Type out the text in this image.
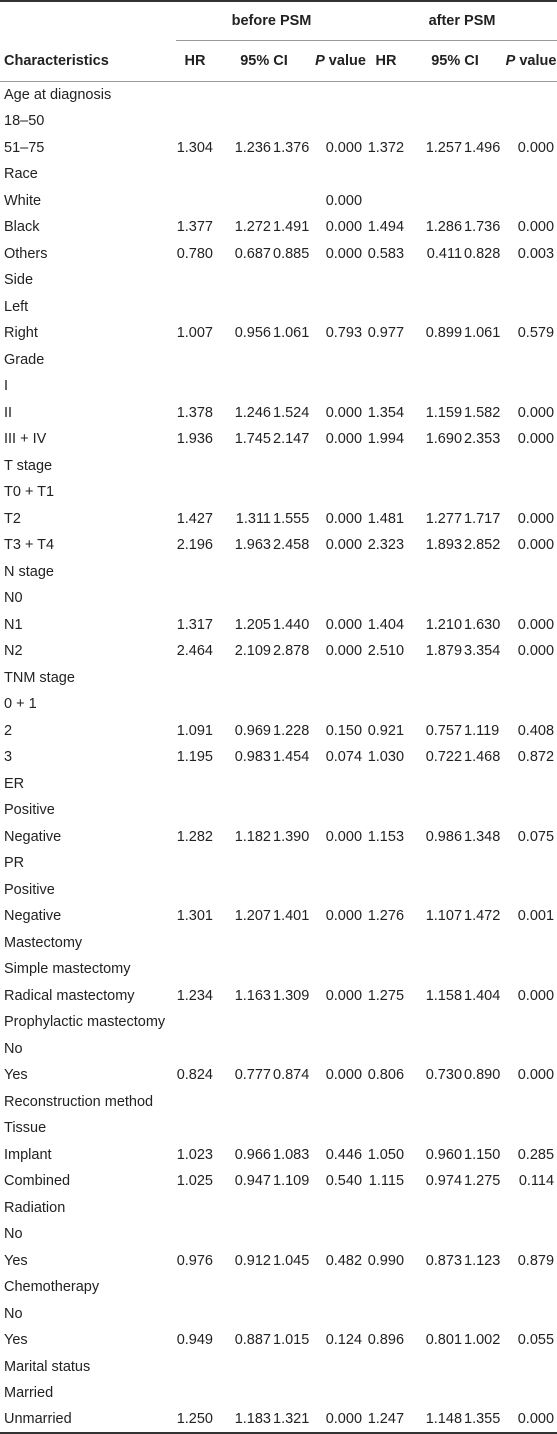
	before PSM				after PSM			
Characteristics	HR	95% CI		P value	HR	95% CI		P value
Age at diagnosis								
18–50								
51–75	1.304	1.236	1.376	0.000	1.372	1.257	1.496	0.000
Race								
White				0.000				
Black	1.377	1.272	1.491	0.000	1.494	1.286	1.736	0.000
Others	0.780	0.687	0.885	0.000	0.583	0.411	0.828	0.003
Side								
Left								
Right	1.007	0.956	1.061	0.793	0.977	0.899	1.061	0.579
Grade								
I								
II	1.378	1.246	1.524	0.000	1.354	1.159	1.582	0.000
III + IV	1.936	1.745	2.147	0.000	1.994	1.690	2.353	0.000
T stage								
T0 + T1								
T2	1.427	1.311	1.555	0.000	1.481	1.277	1.717	0.000
T3 + T4	2.196	1.963	2.458	0.000	2.323	1.893	2.852	0.000
N stage								
N0								
N1	1.317	1.205	1.440	0.000	1.404	1.210	1.630	0.000
N2	2.464	2.109	2.878	0.000	2.510	1.879	3.354	0.000
TNM stage								
0 + 1								
2	1.091	0.969	1.228	0.150	0.921	0.757	1.119	0.408
3	1.195	0.983	1.454	0.074	1.030	0.722	1.468	0.872
ER								
Positive								
Negative	1.282	1.182	1.390	0.000	1.153	0.986	1.348	0.075
PR								
Positive								
Negative	1.301	1.207	1.401	0.000	1.276	1.107	1.472	0.001
Mastectomy								
Simple mastectomy								
Radical mastectomy	1.234	1.163	1.309	0.000	1.275	1.158	1.404	0.000
Prophylactic mastectomy								
No								
Yes	0.824	0.777	0.874	0.000	0.806	0.730	0.890	0.000
Reconstruction method								
Tissue								
Implant	1.023	0.966	1.083	0.446	1.050	0.960	1.150	0.285
Combined	1.025	0.947	1.109	0.540	1.115	0.974	1.275	0.114
Radiation								
No								
Yes	0.976	0.912	1.045	0.482	0.990	0.873	1.123	0.879
Chemotherapy								
No								
Yes	0.949	0.887	1.015	0.124	0.896	0.801	1.002	0.055
Marital status								
Married								
Unmarried	1.250	1.183	1.321	0.000	1.247	1.148	1.355	0.000
